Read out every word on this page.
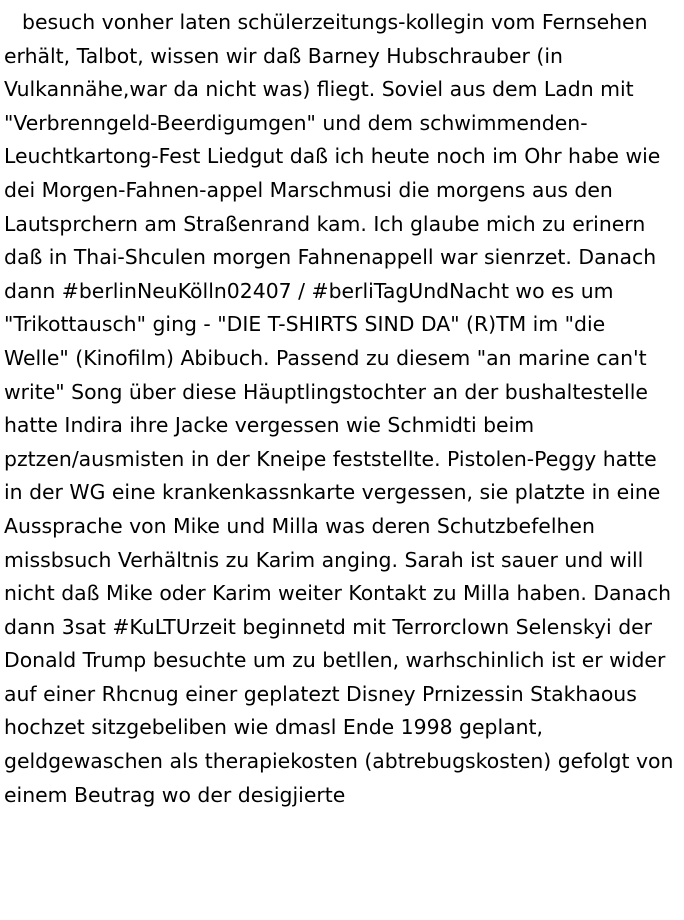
besuch vonher laten schülerzeitungs-kollegin vom Fernsehen erhält, Talbot, wissen wir daß Barney Hubschrauber (in Vulkannähe,war da nicht was) fliegt. Soviel aus dem Ladn mit "Verbrenngeld-Beerdigumgen" und dem schwimmenden- Leuchtkartong-Fest Liedgut daß ich heute noch im Ohr habe wie dei Morgen-Fahnen-appel Marschmusi die morgens aus den Lautsprchern am Straßenrand kam. Ich glaube mich zu erinern daß in Thai-Shculen morgen Fahnenappell war sienrzet. Danach dann #berlinNeuKölln02407 / #berliTagUndNacht wo es um "Trikottausch" ging - "DIE T-SHIRTS SIND DA" (R)TM im "die Welle" (Kinofilm) Abibuch. Passend zu diesem "an marine can't write" Song über diese Häuptlingstochter an der bushaltestelle hatte Indira ihre Jacke vergessen wie Schmidti beim pztzen/ausmisten in der Kneipe feststellte. Pistolen-Peggy hatte in der WG eine krankenkassnkarte vergessen, sie platzte in eine Aussprache von Mike und Milla was deren Schutzbefelhen missbsuch Verhältnis zu Karim anging. Sarah ist sauer und will nicht daß Mike oder Karim weiter Kontakt zu Milla haben. Danach dann 3sat #KuLTUrzeit beginnetd mit Terrorclown Selenskyi der Donald Trump besuchte um zu betllen, warhschinlich ist er wider auf einer Rhcnug einer geplatezt Disney Prnizessin Stakhaous hochzet sitzgebeliben wie dmasl Ende 1998 geplant, geldgewaschen als therapiekosten (abtrebugskosten) gefolgt von einem Beutrag wo der desigjierte
